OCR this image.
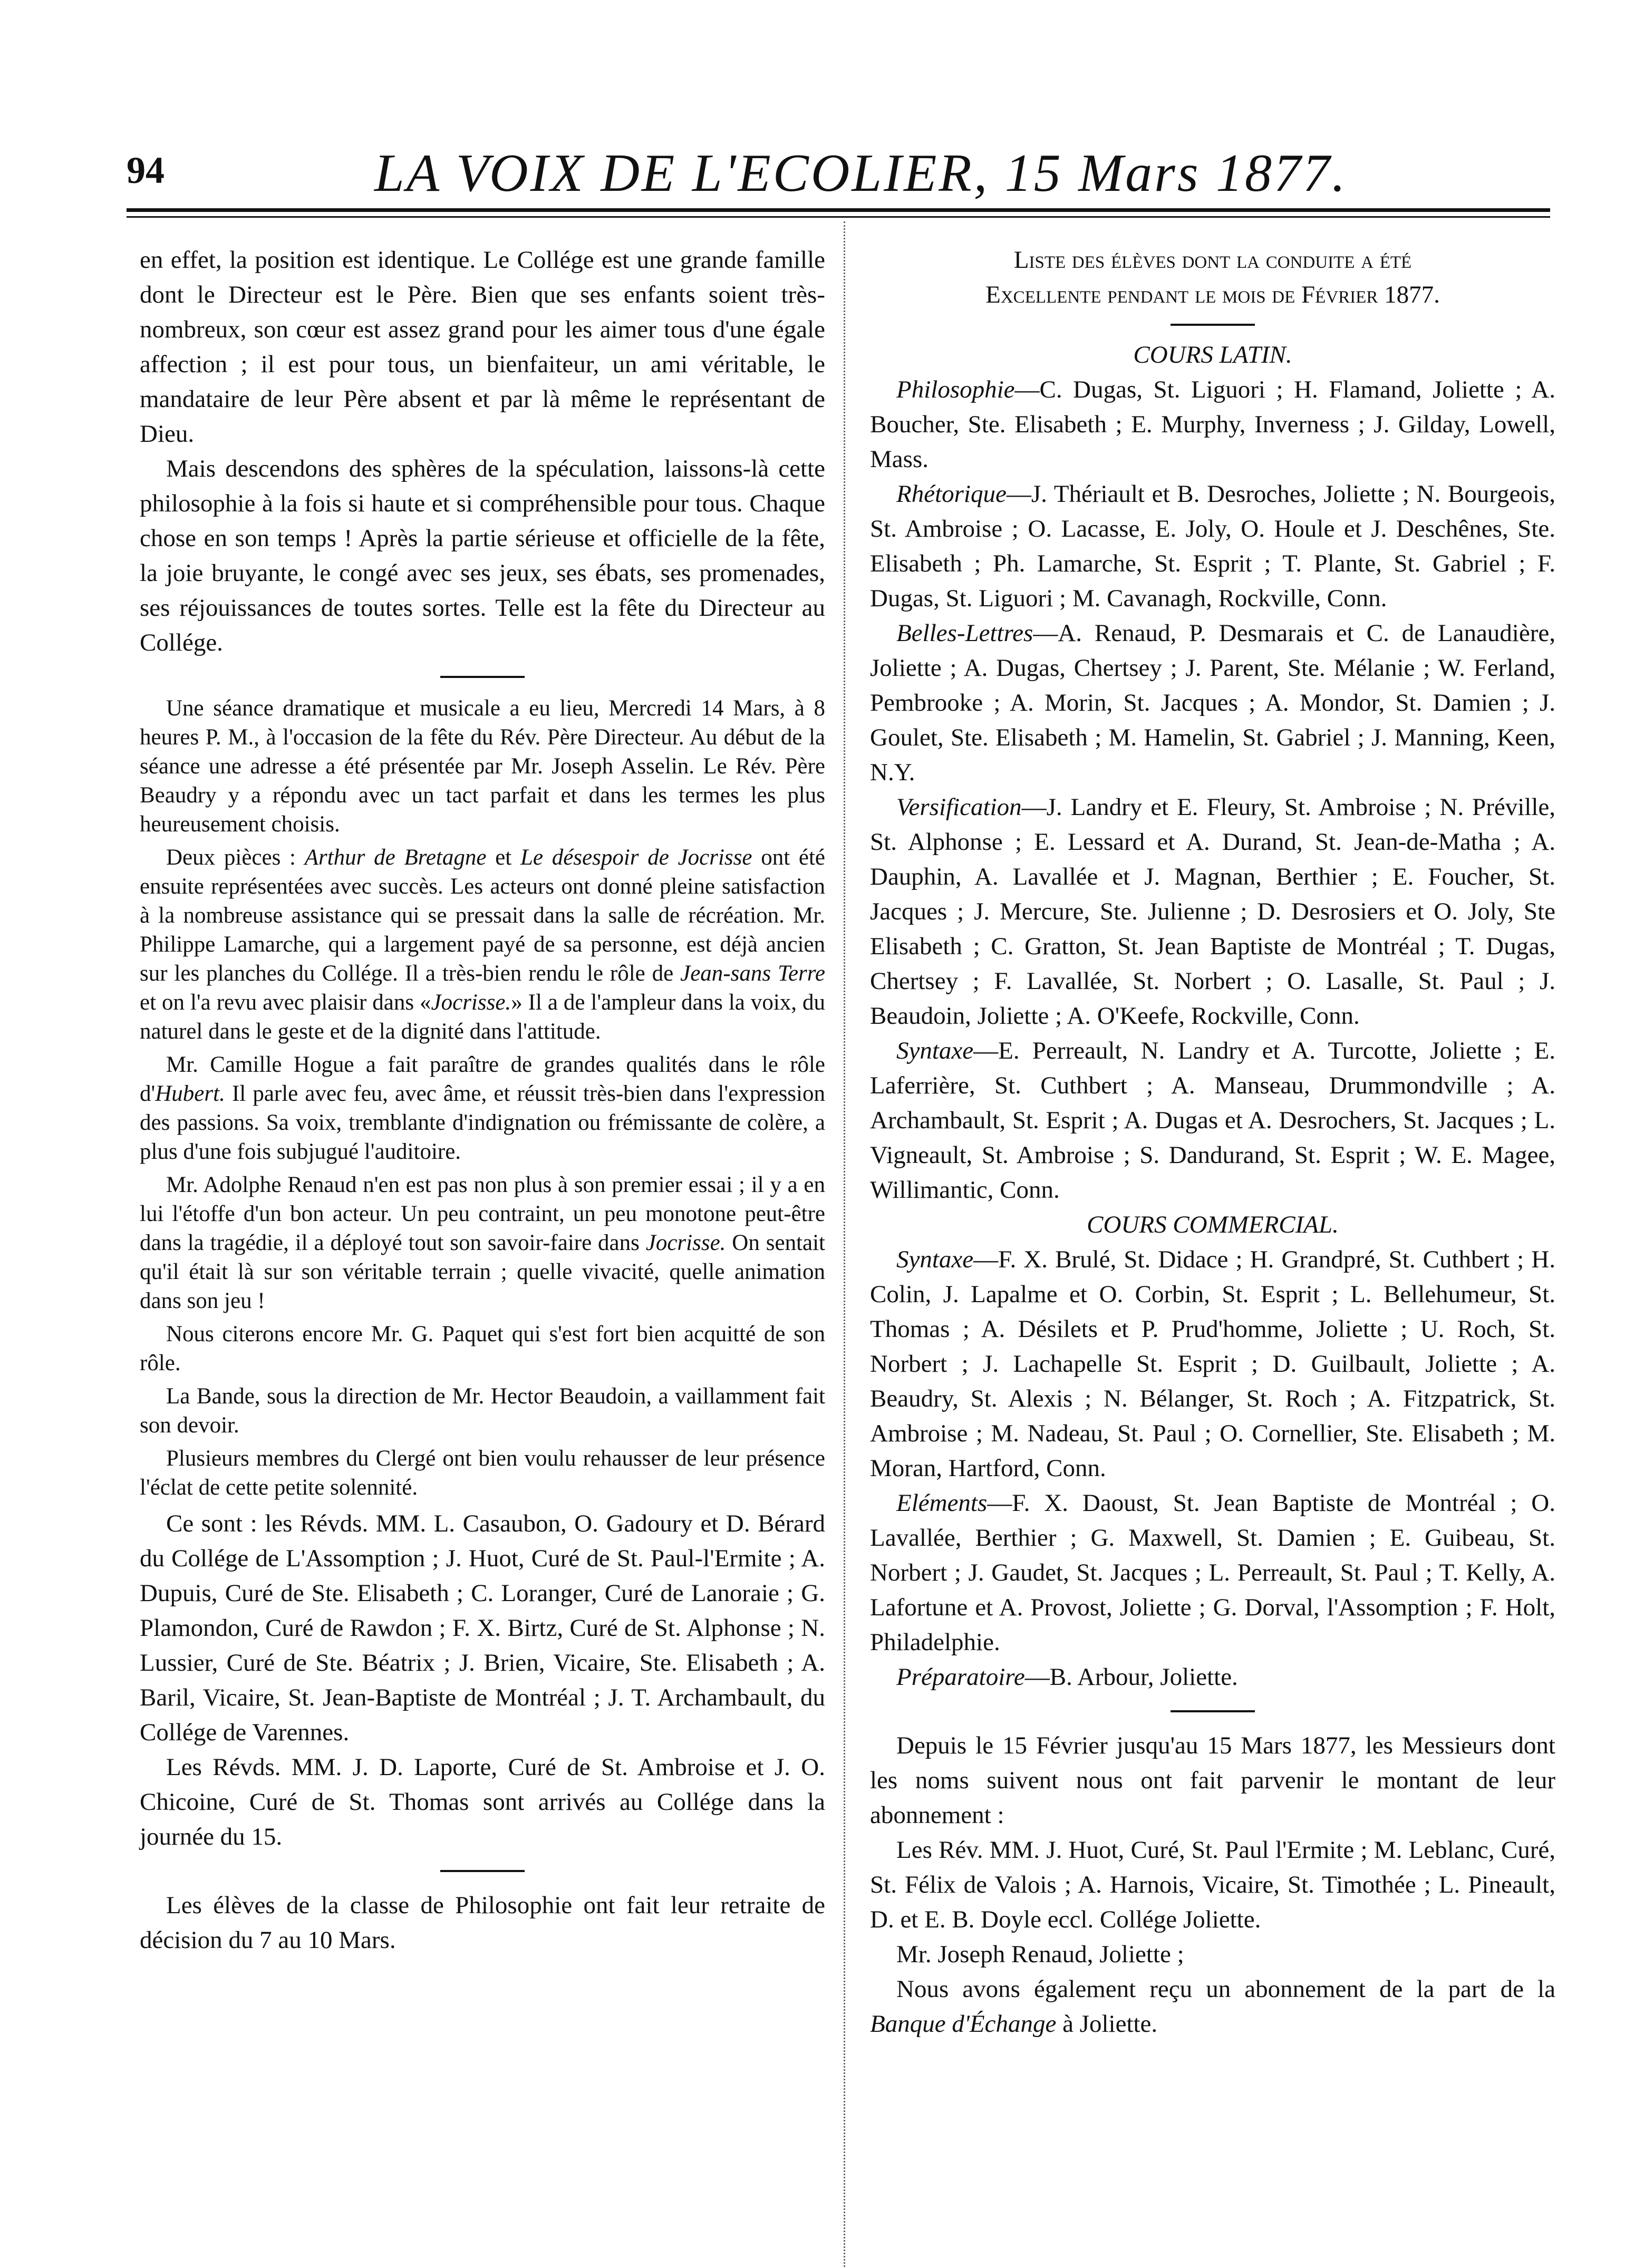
94	LA VOIX DE L'ECOLIER, 15 Mars 1877.

en effet, la position est identique. Le Collége est une grande famille dont le Directeur est le Père. Bien que ses enfants soient très-nombreux, son cœur est assez grand pour les aimer tous d'une égale affection ; il est pour tous, un bienfaiteur, un ami véritable, le mandataire de leur Père absent et par là même le représentant de Dieu.

Mais descendons des sphères de la spéculation, laissons-là cette philosophie à la fois si haute et si compréhensible pour tous. Chaque chose en son temps ! Après la partie sérieuse et officielle de la fête, la joie bruyante, le congé avec ses jeux, ses ébats, ses promenades, ses réjouissances de toutes sortes. Telle est la fête du Directeur au Collége.

Une séance dramatique et musicale a eu lieu, Mercredi 14 Mars, à 8 heures P. M., à l'occasion de la fête du Rév. Père Directeur. Au début de la séance une adresse a été présentée par Mr. Joseph Asselin. Le Rév. Père Beaudry y a répondu avec un tact parfait et dans les termes les plus heureusement choisis.

Deux pièces : Arthur de Bretagne et Le désespoir de Jocrisse ont été ensuite représentées avec succès. Les acteurs ont donné pleine satisfaction à la nombreuse assistance qui se pressait dans la salle de récréation. Mr. Philippe Lamarche, qui a largement payé de sa personne, est déjà ancien sur les planches du Collége. Il a très-bien rendu le rôle de Jean-sans Terre et on l'a revu avec plaisir dans «Jocrisse.» Il a de l'ampleur dans la voix, du naturel dans le geste et de la dignité dans l'attitude.

Mr. Camille Hogue a fait paraître de grandes qualités dans le rôle d'Hubert. Il parle avec feu, avec âme, et réussit très-bien dans l'expression des passions. Sa voix, tremblante d'indignation ou frémissante de colère, a plus d'une fois subjugué l'auditoire.

Mr. Adolphe Renaud n'en est pas non plus à son premier essai ; il y a en lui l'étoffe d'un bon acteur. Un peu contraint, un peu monotone peut-être dans la tragédie, il a déployé tout son savoir-faire dans Jocrisse. On sentait qu'il était là sur son véritable terrain ; quelle vivacité, quelle animation dans son jeu !

Nous citerons encore Mr. G. Paquet qui s'est fort bien acquitté de son rôle.

La Bande, sous la direction de Mr. Hector Beaudoin, a vaillamment fait son devoir.

Plusieurs membres du Clergé ont bien voulu rehausser de leur présence l'éclat de cette petite solennité.

Ce sont : les Révds. MM. L. Casaubon, O. Gadoury et D. Bérard du Collége de L'Assomption ; J. Huot, Curé de St. Paul-l'Ermite ; A. Dupuis, Curé de Ste. Elisabeth ; C. Loranger, Curé de Lanoraie ; G. Plamondon, Curé de Rawdon ; F. X. Birtz, Curé de St. Alphonse ; N. Lussier, Curé de Ste. Béatrix ; J. Brien, Vicaire, Ste. Elisabeth ; A. Baril, Vicaire, St. Jean-Baptiste de Montréal ; J. T. Archambault, du Collége de Varennes.

Les Révds. MM. J. D. Laporte, Curé de St. Ambroise et J. O. Chicoine, Curé de St. Thomas sont arrivés au Collége dans la journée du 15.

Les élèves de la classe de Philosophie ont fait leur retraite de décision du 7 au 10 Mars.

Liste des élèves dont la conduite a été

Excellente pendant le mois de Février 1877.

COURS LATIN.

Philosophie—C. Dugas, St. Liguori ; H. Flamand, Joliette ; A. Boucher, Ste. Elisabeth ; E. Murphy, Inverness ; J. Gilday, Lowell, Mass.

Rhétorique—J. Thériault et B. Desroches, Joliette ; N. Bourgeois, St. Ambroise ; O. Lacasse, E. Joly, O. Houle et J. Deschênes, Ste. Elisabeth ; Ph. Lamarche, St. Esprit ; T. Plante, St. Gabriel ; F. Dugas, St. Liguori ; M. Cavanagh, Rockville, Conn.

Belles-Lettres—A. Renaud, P. Desmarais et C. de Lanaudière, Joliette ; A. Dugas, Chertsey ; J. Parent, Ste. Mélanie ; W. Ferland, Pembrooke ; A. Morin, St. Jacques ; A. Mondor, St. Damien ; J. Goulet, Ste. Elisabeth ; M. Hamelin, St. Gabriel ; J. Manning, Keen, N.Y.

Versification—J. Landry et E. Fleury, St. Ambroise ; N. Préville, St. Alphonse ; E. Lessard et A. Durand, St. Jean-de-Matha ; A. Dauphin, A. Lavallée et J. Magnan, Berthier ; E. Foucher, St. Jacques ; J. Mercure, Ste. Julienne ; D. Desrosiers et O. Joly, Ste Elisabeth ; C. Gratton, St. Jean Baptiste de Montréal ; T. Dugas, Chertsey ; F. Lavallée, St. Norbert ; O. Lasalle, St. Paul ; J. Beaudoin, Joliette ; A. O'Keefe, Rockville, Conn.

Syntaxe—E. Perreault, N. Landry et A. Turcotte, Joliette ; E. Laferrière, St. Cuthbert ; A. Manseau, Drummondville ; A. Archambault, St. Esprit ; A. Dugas et A. Desrochers, St. Jacques ; L. Vigneault, St. Ambroise ; S. Dandurand, St. Esprit ; W. E. Magee, Willimantic, Conn.

COURS COMMERCIAL.

Syntaxe—F. X. Brulé, St. Didace ; H. Grandpré, St. Cuthbert ; H. Colin, J. Lapalme et O. Corbin, St. Esprit ; L. Bellehumeur, St. Thomas ; A. Désilets et P. Prud'homme, Joliette ; U. Roch, St. Norbert ; J. Lachapelle St. Esprit ; D. Guilbault, Joliette ; A. Beaudry, St. Alexis ; N. Bélanger, St. Roch ; A. Fitzpatrick, St. Ambroise ; M. Nadeau, St. Paul ; O. Cornellier, Ste. Elisabeth ; M. Moran, Hartford, Conn.

Eléments—F. X. Daoust, St. Jean Baptiste de Montréal ; O. Lavallée, Berthier ; G. Maxwell, St. Damien ; E. Guibeau, St. Norbert ; J. Gaudet, St. Jacques ; L. Perreault, St. Paul ; T. Kelly, A. Lafortune et A. Provost, Joliette ; G. Dorval, l'Assomption ; F. Holt, Philadelphie.

Préparatoire—B. Arbour, Joliette.

Depuis le 15 Février jusqu'au 15 Mars 1877, les Messieurs dont les noms suivent nous ont fait parvenir le montant de leur abonnement :

Les Rév. MM. J. Huot, Curé, St. Paul l'Ermite ; M. Leblanc, Curé, St. Félix de Valois ; A. Harnois, Vicaire, St. Timothée ; L. Pineault, D. et E. B. Doyle eccl. Collége Joliette.

Mr. Joseph Renaud, Joliette ;

Nous avons également reçu un abonnement de la part de la Banque d'Échange à Joliette.
